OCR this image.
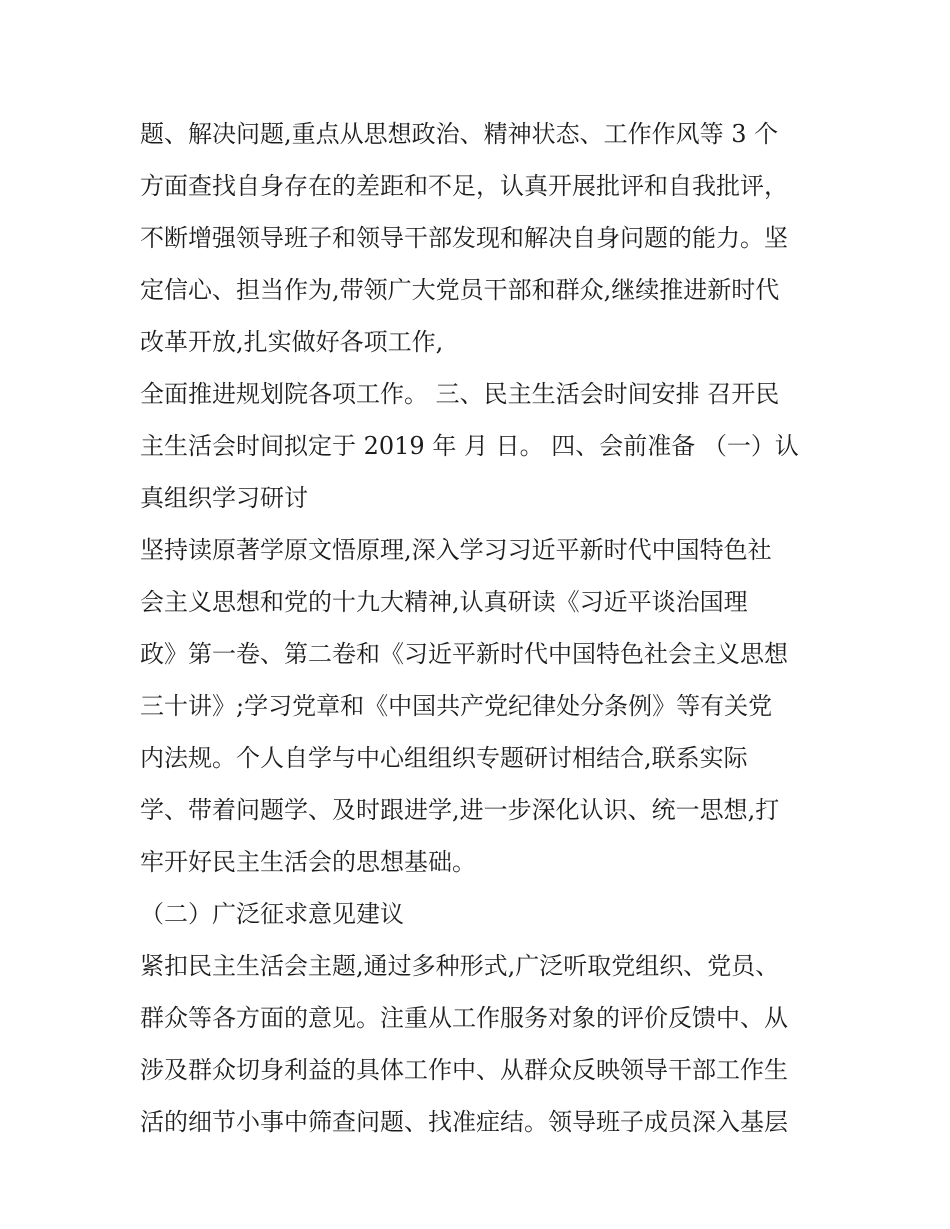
题、解决问题,重点从思想政治、精神状态、工作作风等 3 个
方面查找自身存在的差距和不足，认真开展批评和自我批评，
不断增强领导班子和领导干部发现和解决自身问题的能力。坚
定信心、担当作为,带领广大党员干部和群众,继续推进新时代
改革开放,扎实做好各项工作,
全面推进规划院各项工作。 三、民主生活会时间安排 召开民
主生活会时间拟定于 2019 年 月 日。 四、会前准备 （一）认
真组织学习研讨
坚持读原著学原文悟原理,深入学习习近平新时代中国特色社
会主义思想和党的十九大精神,认真研读《习近平谈治国理
政》第一卷、第二卷和《习近平新时代中国特色社会主义思想
三十讲》;学习党章和《中国共产党纪律处分条例》等有关党
内法规。个人自学与中心组组织专题研讨相结合,联系实际
学、带着问题学、及时跟进学,进一步深化认识、统一思想,打
牢开好民主生活会的思想基础。
（二）广泛征求意见建议
紧扣民主生活会主题,通过多种形式,广泛听取党组织、党员、
群众等各方面的意见。注重从工作服务对象的评价反馈中、从
涉及群众切身利益的具体工作中、从群众反映领导干部工作生
活的细节小事中筛查问题、找准症结。领导班子成员深入基层
